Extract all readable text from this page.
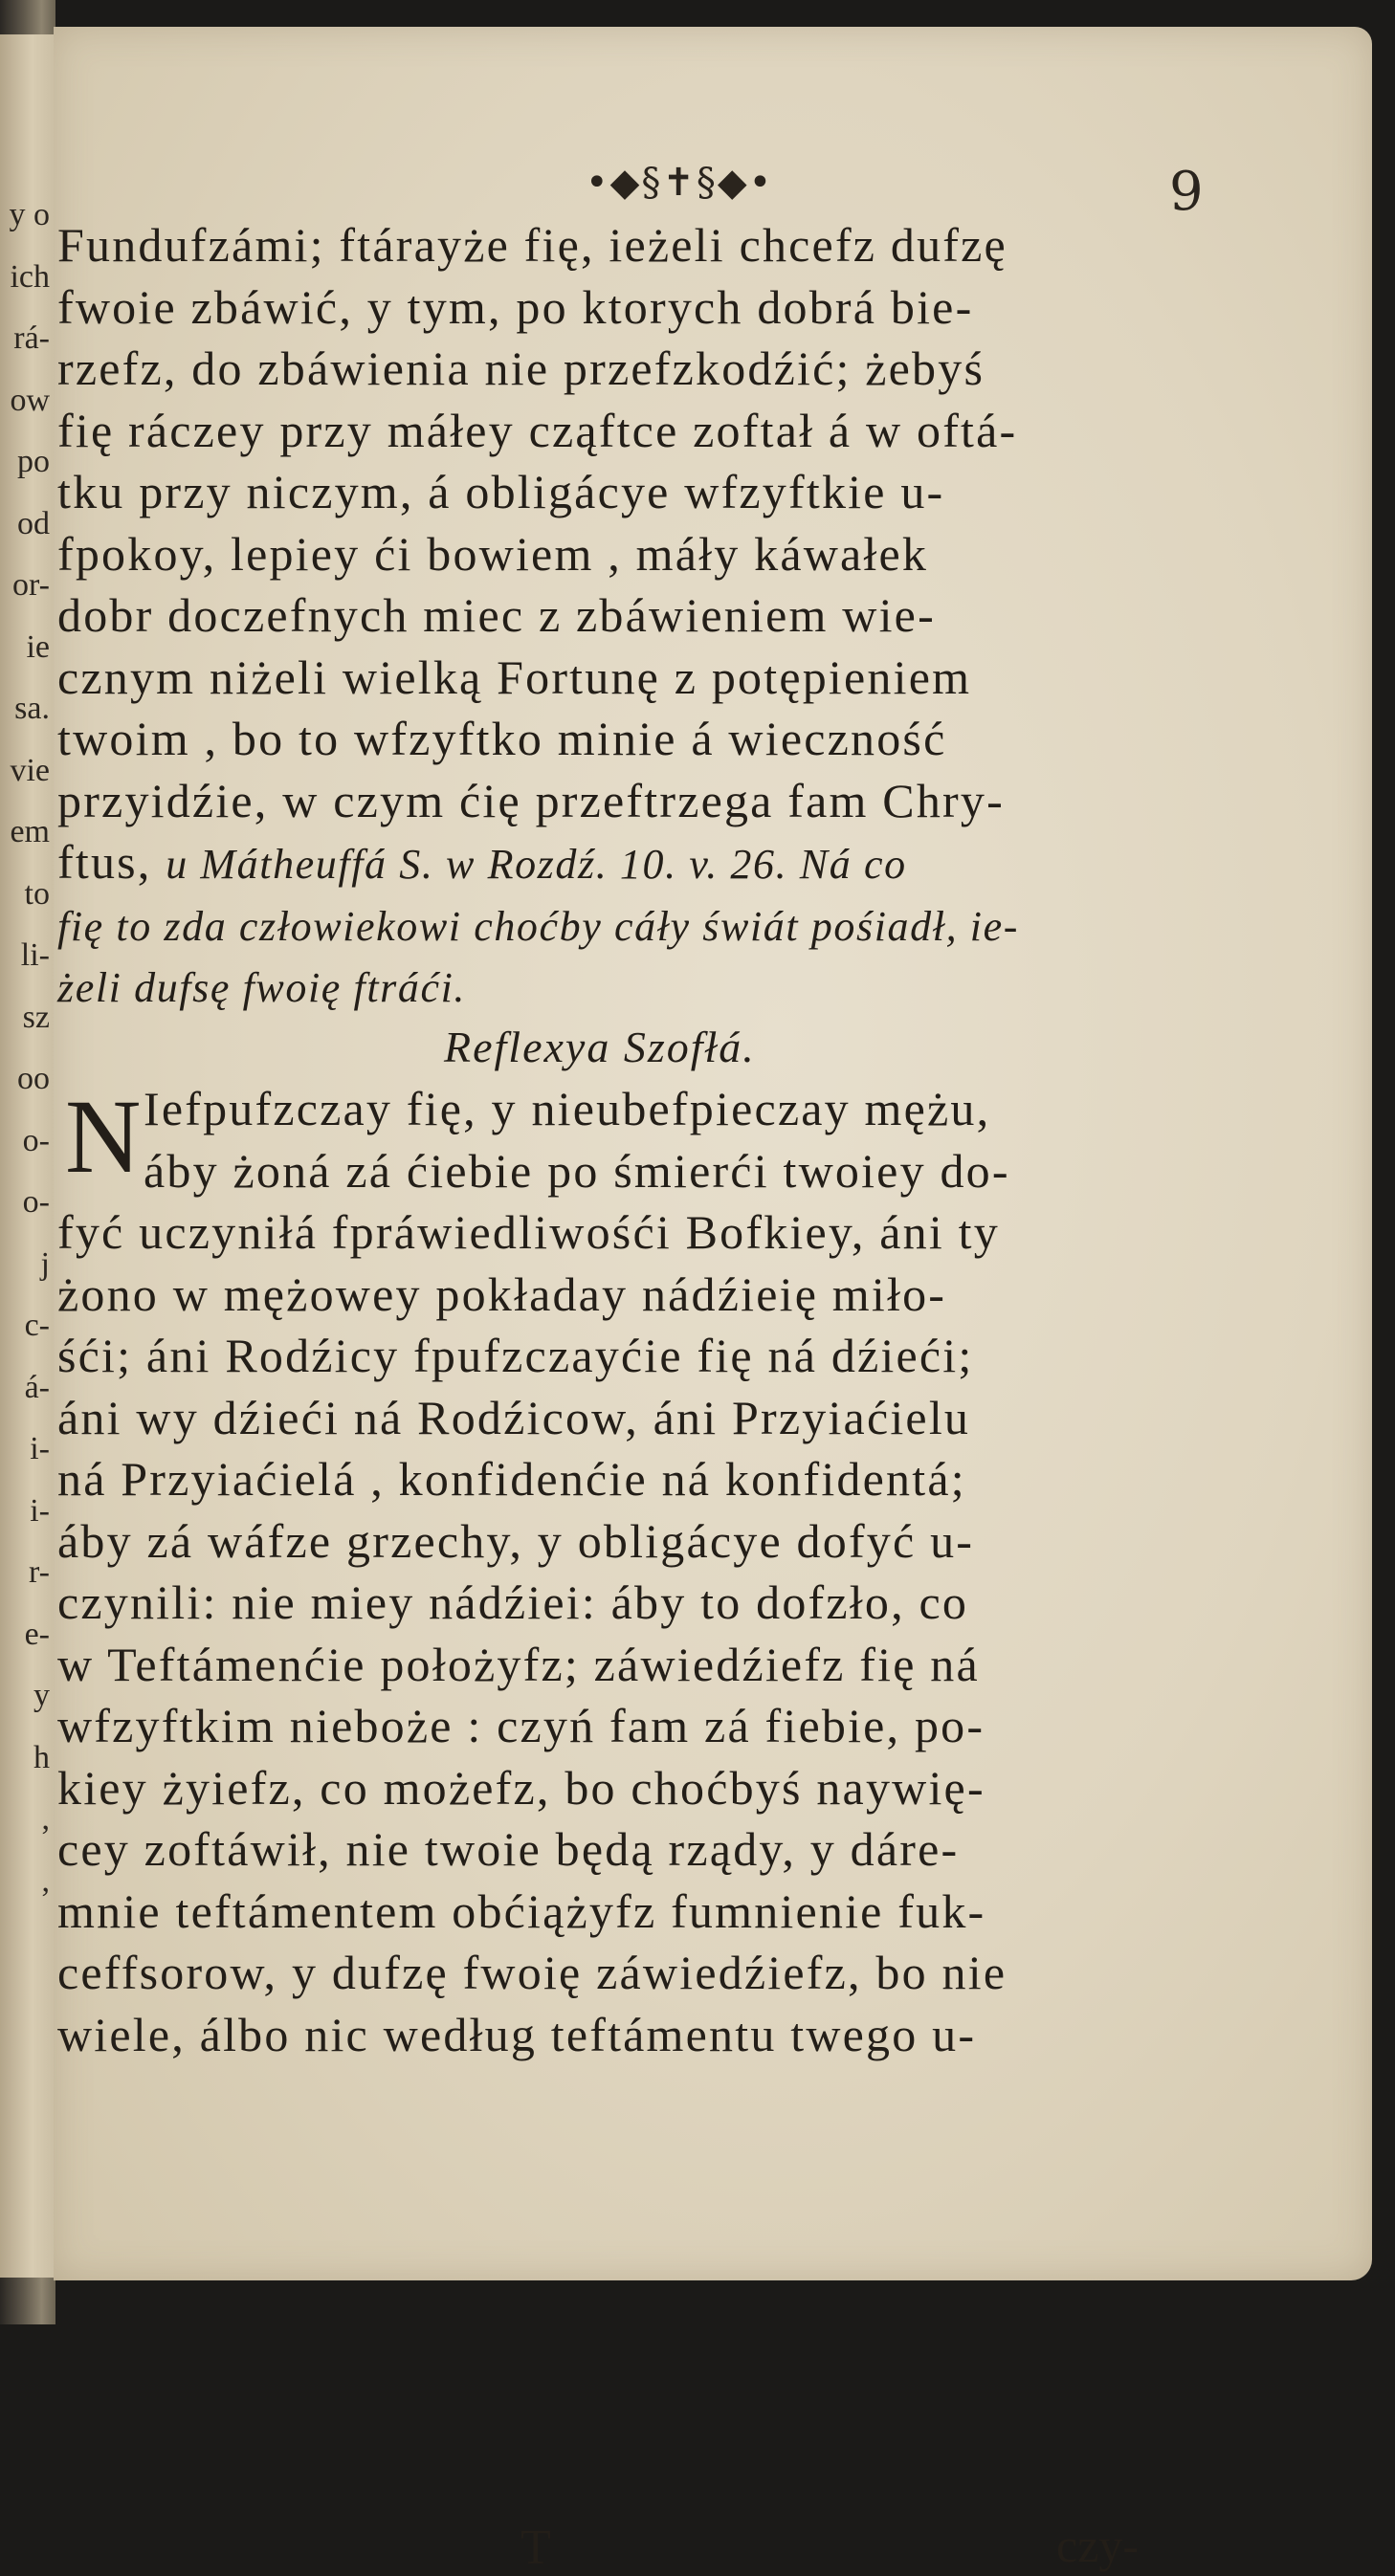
y o
ich
rá-
ow
po
od
or-
ie
sa.
vie
em
to
li-
sz
oo
o-
o-
j
c-
á-
i-
i-
r-
e-
y
h
,
,
•◆§✝§◆•	9
Fundufzámi; ftárayże fię, ieżeli chcefz dufzę
fwoie zbáwić, y tym, po ktorych dobrá bie-
rzefz, do zbáwienia nie przefzkodźić; żebyś
fię ráczey przy máłey cząftce zoftał á w oftá-
tku przy niczym, á obligácye wfzyftkie u-
fpokoy, lepiey ći bowiem , máły káwałek
dobr doczefnych miec z zbáwieniem wie-
cznym niżeli wielką Fortunę z potępieniem
twoim , bo to wfzyftko minie á wieczność
przyidźie, w czym ćię przeftrzega fam Chry-
ftus, u Mátheuffá S. w Rozdź. 10. v. 26. Ná co
fię to zda człowiekowi choćby cáły świát pośiadł, ie-
żeli dufsę fwoię ftráći.
Reflexya Szofłá.
N Iefpufzczay fię, y nieubefpieczay mężu,
áby żoná zá ćiebie po śmierći twoiey do-
fyć uczyniłá fpráwiedliwośći Bofkiey, áni ty
żono w mężowey pokładay nádźieię miło-
śći; áni Rodźicy fpufzczayćie fię ná dźieći;
áni wy dźieći ná Rodźicow, áni Przyiaćielu
ná Przyiaćielá , konfidenćie ná konfidentá;
áby zá wáfze grzechy, y obligácye dofyć u-
czynili: nie miey nádźiei: áby to dofzło, co
w Teftámenćie położyfz; záwiedźiefz fię ná
wfzyftkim nieboże : czyń fam zá fiebie, po-
kiey żyiefz, co możefz, bo choćbyś naywię-
cey zoftáwił, nie twoie będą rządy, y dáre-
mnie teftámentem obćiążyfz fumnienie fuk-
ceffsorow, y dufzę fwoię záwiedźiefz, bo nie
wiele, álbo nic według teftámentu twego u-
T	czy-
